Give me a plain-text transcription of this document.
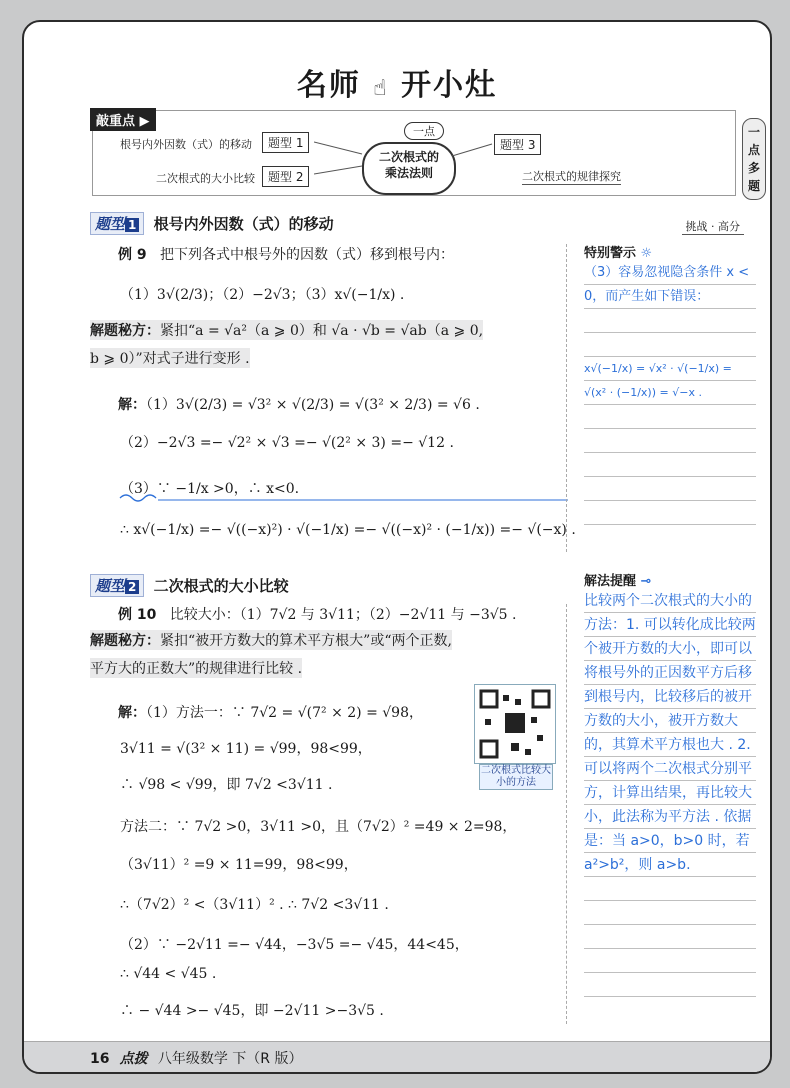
名师 ☝ 开小灶
敲重点 ▶
根号内外因数（式）的移动	题型 1
二次根式的大小比较	题型 2
一点
二次根式的
乘法法则
题型 3
二次根式的规律探究
一
点
多
题
题型 1 根号内外因数（式）的移动	挑战 · 高分
例 9 把下列各式中根号外的因数（式）移到根号内：
（1）3√(2/3)；（2）−2√3；（3）x√(−1/x) .
解题秘方：紧扣“a = √a²（a ⩾ 0）和 √a · √b = √ab（a ⩾ 0,
b ⩾ 0）”对式子进行变形 .
解：（1）3√(2/3) = √3² × √(2/3) = √(3² × 2/3) = √6 .
（2）−2√3 =− √2² × √3 =− √(2² × 3) =− √12 .
（3）∵ −1/x >0，∴ x<0.
∴ x√(−1/x) =− √((−x)²) · √(−1/x) =− √((−x)² · (−1/x)) =− √(−x) .
特别警示 ☼
（3）容易忽视隐含条件 x < 0，而产生如下错误：
x√(−1/x) = √x² · √(−1/x) =
√(x² · (−1/x)) = √−x .
题型 2 二次根式的大小比较
例 10 比较大小：（1）7√2 与 3√11；（2）−2√11 与 −3√5 .
解题秘方：紧扣“被开方数大的算术平方根大”或“两个正数,
平方大的正数大”的规律进行比较 .
解：（1）方法一：∵ 7√2 = √(7² × 2) = √98，
3√11 = √(3² × 11) = √99，98<99，
∴ √98 < √99，即 7√2 <3√11 .
方法二：∵ 7√2 >0，3√11 >0，且（7√2）² =49 × 2=98，
（3√11）² =9 × 11=99，98<99，
∴（7√2）² <（3√11）² . ∴ 7√2 <3√11 .
（2）∵ −2√11 =− √44，−3√5 =− √45，44<45，
∴ √44 < √45 .
∴ − √44 >− √45，即 −2√11 >−3√5 .
二次根式比较大小的方法
解法提醒 ⊸
比较两个二次根式的大小的方法：1. 可以转化成比较两个被开方数的大小，即可以将根号外的正因数平方后移到根号内，比较移后的被开方数的大小，被开方数大的，其算术平方根也大 . 2. 可以将两个二次根式分别平方，计算出结果，再比较大小，此法称为平方法 . 依据是：当 a>0，b>0 时，若 a²>b²，则 a>b.
16 点拨 八年级数学 下（R 版）
